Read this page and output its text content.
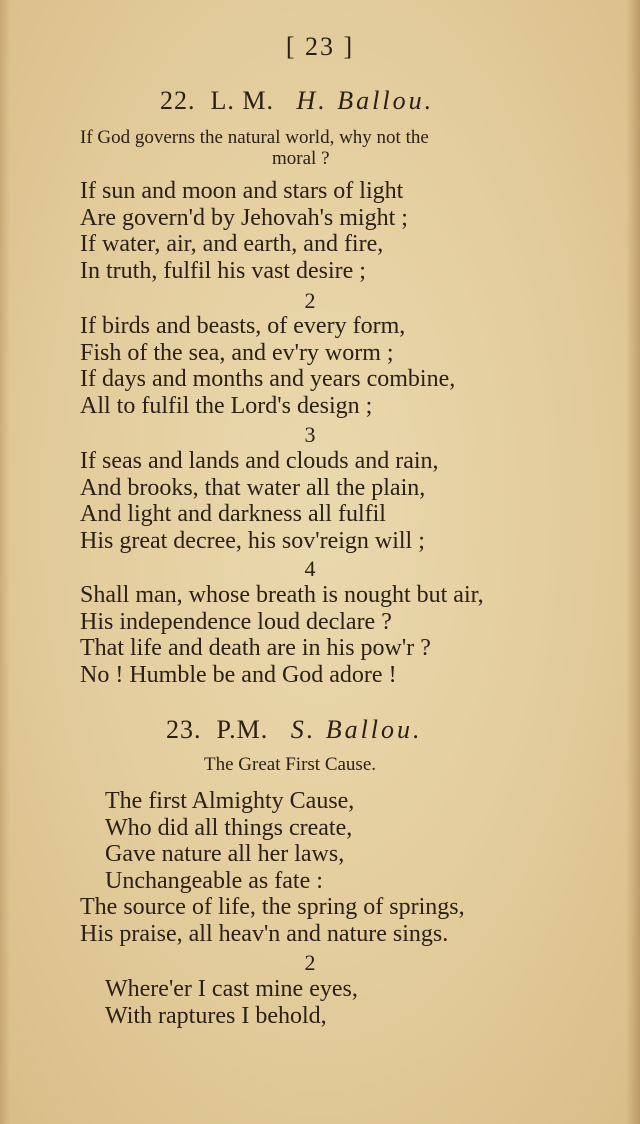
[ 23 ]
22. L. M. H. Ballou.
If God governs the natural world, why not the
moral ?
If sun and moon and stars of light
Are govern'd by Jehovah's might ;
If water, air, and earth, and fire,
In truth, fulfil his vast desire ;
2
If birds and beasts, of every form,
Fish of the sea, and ev'ry worm ;
If days and months and years combine,
All to fulfil the Lord's design ;
3
If seas and lands and clouds and rain,
And brooks, that water all the plain,
And light and darkness all fulfil
His great decree, his sov'reign will ;
4
Shall man, whose breath is nought but air,
His independence loud declare ?
That life and death are in his pow'r ?
No ! Humble be and God adore !
23. P.M. S. Ballou.
The Great First Cause.
The first Almighty Cause,
Who did all things create,
Gave nature all her laws,
Unchangeable as fate :
The source of life, the spring of springs,
His praise, all heav'n and nature sings.
2
Where'er I cast mine eyes,
With raptures I behold,
